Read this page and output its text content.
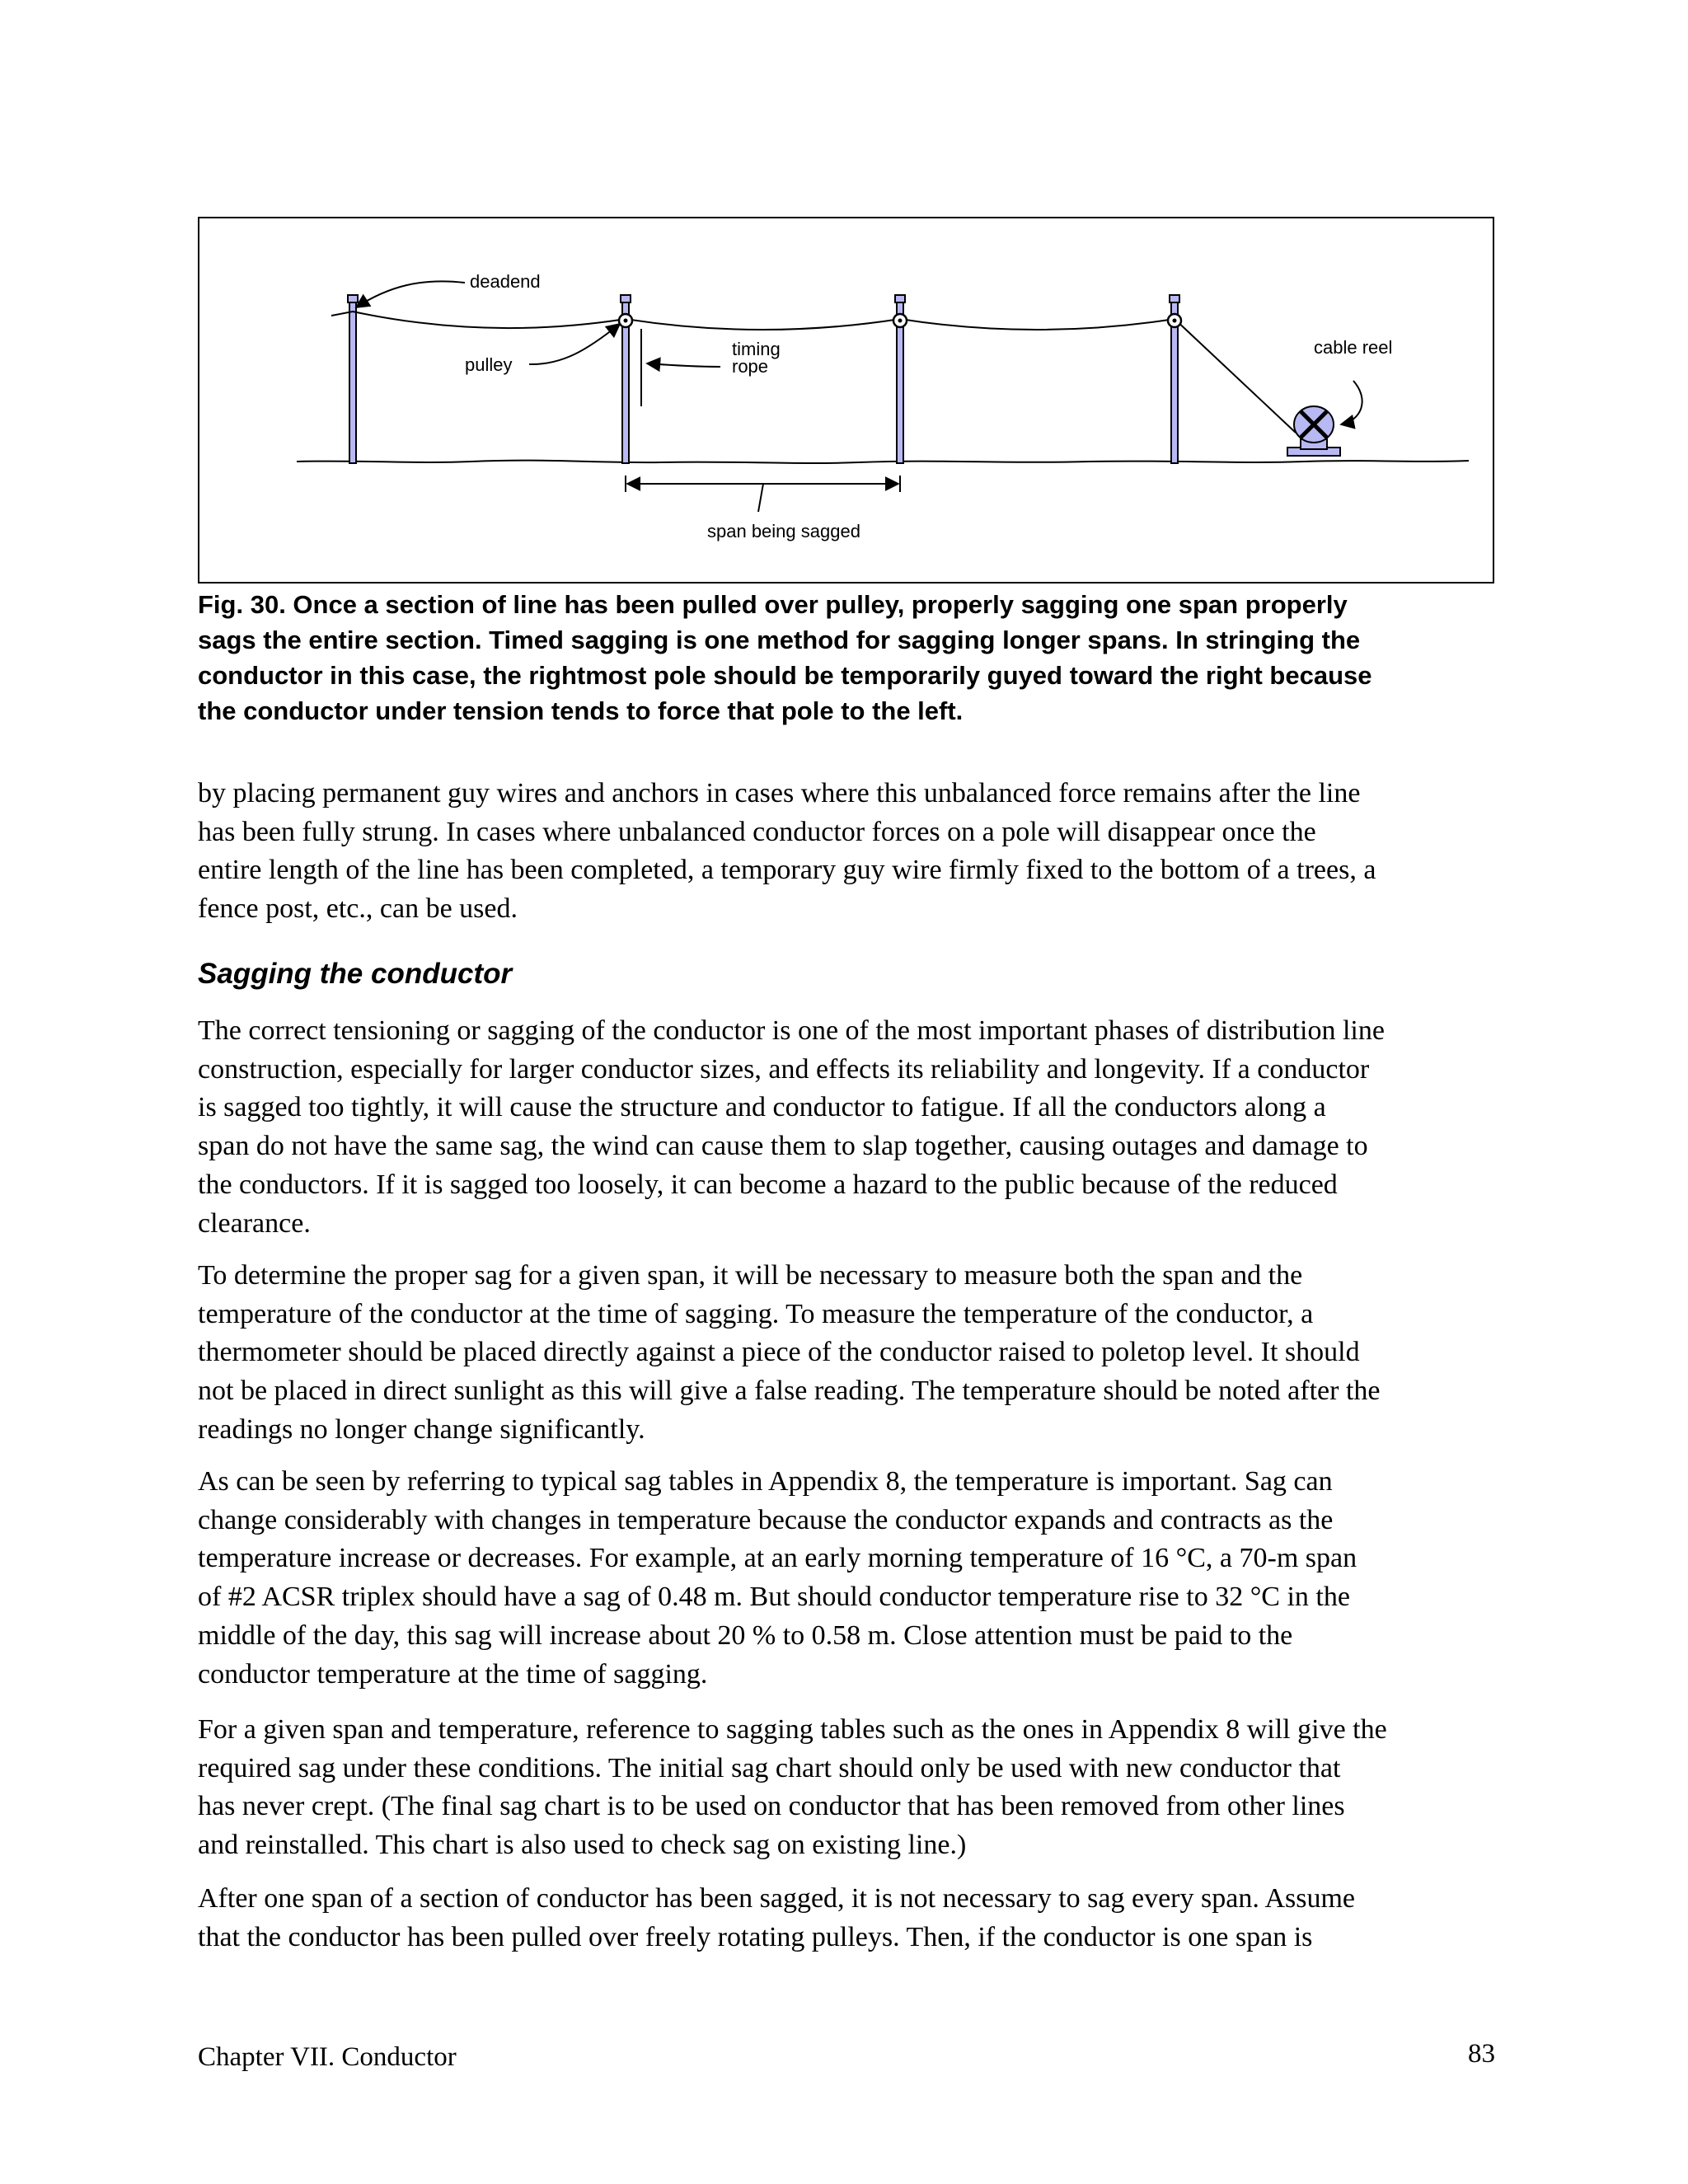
deadend
pulley
timing
rope
cable reel
span being sagged
Fig. 30. Once a section of line has been pulled over pulley, properly sagging one span properly
sags the entire section. Timed sagging is one method for sagging longer spans. In stringing the
conductor in this case, the rightmost pole should be temporarily guyed toward the right because
the conductor under tension tends to force that pole to the left.

by placing permanent guy wires and anchors in cases where this unbalanced force remains after the line
has been fully strung. In cases where unbalanced conductor forces on a pole will disappear once the
entire length of the line has been completed, a temporary guy wire firmly fixed to the bottom of a trees, a
fence post, etc., can be used.

Sagging the conductor

The correct tensioning or sagging of the conductor is one of the most important phases of distribution line
construction, especially for larger conductor sizes, and effects its reliability and longevity. If a conductor
is sagged too tightly, it will cause the structure and conductor to fatigue. If all the conductors along a
span do not have the same sag, the wind can cause them to slap together, causing outages and damage to
the conductors. If it is sagged too loosely, it can become a hazard to the public because of the reduced
clearance.

To determine the proper sag for a given span, it will be necessary to measure both the span and the
temperature of the conductor at the time of sagging. To measure the temperature of the conductor, a
thermometer should be placed directly against a piece of the conductor raised to poletop level. It should
not be placed in direct sunlight as this will give a false reading. The temperature should be noted after the
readings no longer change significantly.

As can be seen by referring to typical sag tables in Appendix 8, the temperature is important. Sag can
change considerably with changes in temperature because the conductor expands and contracts as the
temperature increase or decreases. For example, at an early morning temperature of 16 °C, a 70-m span
of #2 ACSR triplex should have a sag of 0.48 m. But should conductor temperature rise to 32 °C in the
middle of the day, this sag will increase about 20 % to 0.58 m. Close attention must be paid to the
conductor temperature at the time of sagging.

For a given span and temperature, reference to sagging tables such as the ones in Appendix 8 will give the
required sag under these conditions. The initial sag chart should only be used with new conductor that
has never crept. (The final sag chart is to be used on conductor that has been removed from other lines
and reinstalled. This chart is also used to check sag on existing line.)

After one span of a section of conductor has been sagged, it is not necessary to sag every span. Assume
that the conductor has been pulled over freely rotating pulleys. Then, if the conductor is one span is

Chapter VII. Conductor	83
